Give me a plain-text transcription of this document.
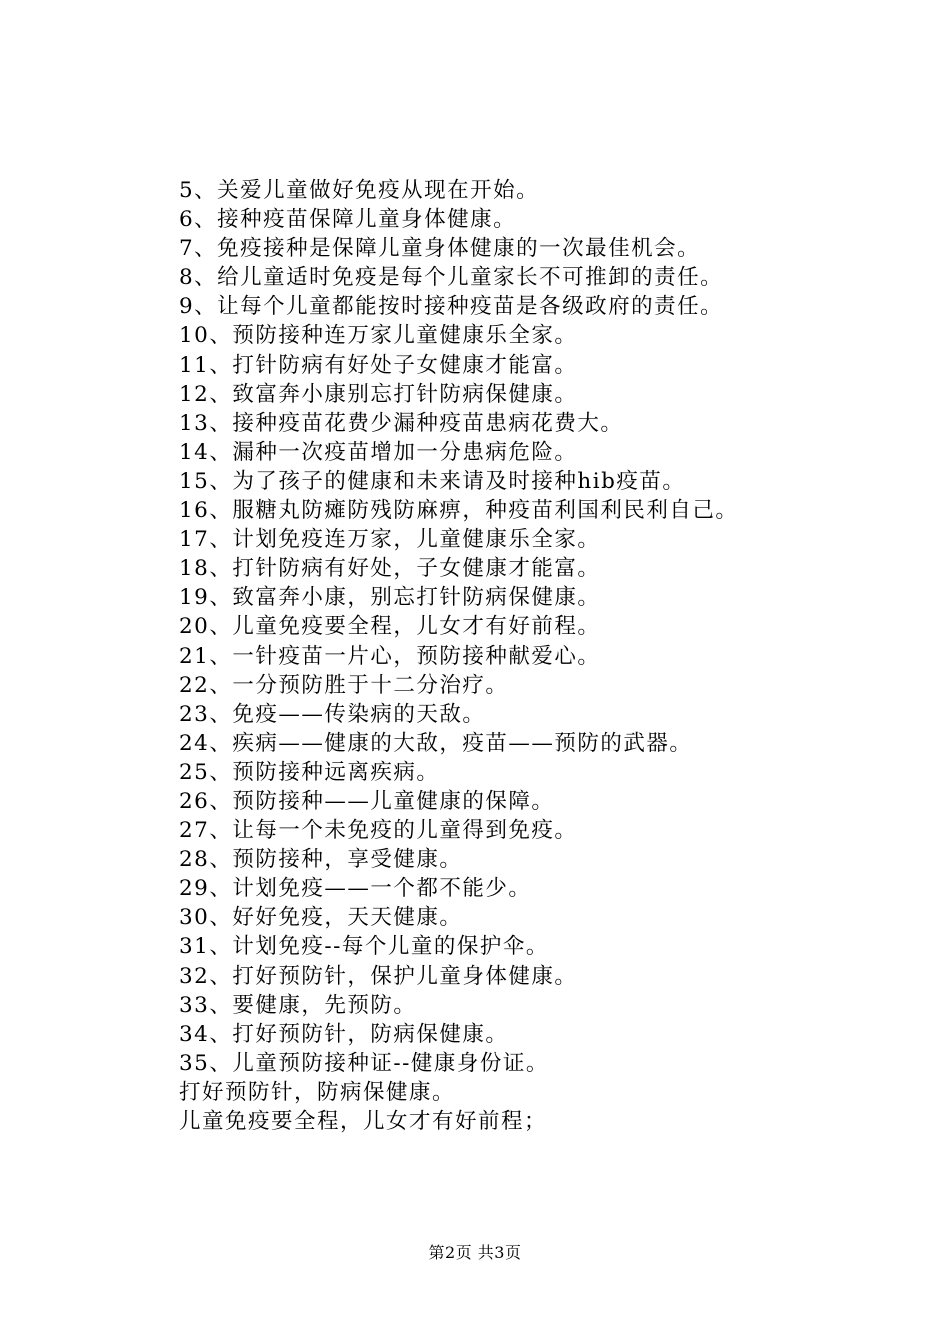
5、关爱儿童做好免疫从现在开始。

6、接种疫苗保障儿童身体健康。

7、免疫接种是保障儿童身体健康的一次最佳机会。

8、给儿童适时免疫是每个儿童家长不可推卸的责任。

9、让每个儿童都能按时接种疫苗是各级政府的责任。

10、预防接种连万家儿童健康乐全家。

11、打针防病有好处子女健康才能富。

12、致富奔小康别忘打针防病保健康。

13、接种疫苗花费少漏种疫苗患病花费大。

14、漏种一次疫苗增加一分患病危险。

15、为了孩子的健康和未来请及时接种hib疫苗。

16、服糖丸防瘫防残防麻痹，种疫苗利国利民利自己。

17、计划免疫连万家，儿童健康乐全家。

18、打针防病有好处，子女健康才能富。

19、致富奔小康，别忘打针防病保健康。

20、儿童免疫要全程，儿女才有好前程。

21、一针疫苗一片心，预防接种献爱心。

22、一分预防胜于十二分治疗。

23、免疫——传染病的天敌。

24、疾病——健康的大敌，疫苗——预防的武器。

25、预防接种远离疾病。

26、预防接种——儿童健康的保障。

27、让每一个未免疫的儿童得到免疫。

28、预防接种，享受健康。

29、计划免疫——一个都不能少。

30、好好免疫，天天健康。

31、计划免疫--每个儿童的保护伞。

32、打好预防针，保护儿童身体健康。

33、要健康，先预防。

34、打好预防针，防病保健康。

35、儿童预防接种证--健康身份证。

打好预防针，防病保健康。

儿童免疫要全程，儿女才有好前程；

第2页 共3页
